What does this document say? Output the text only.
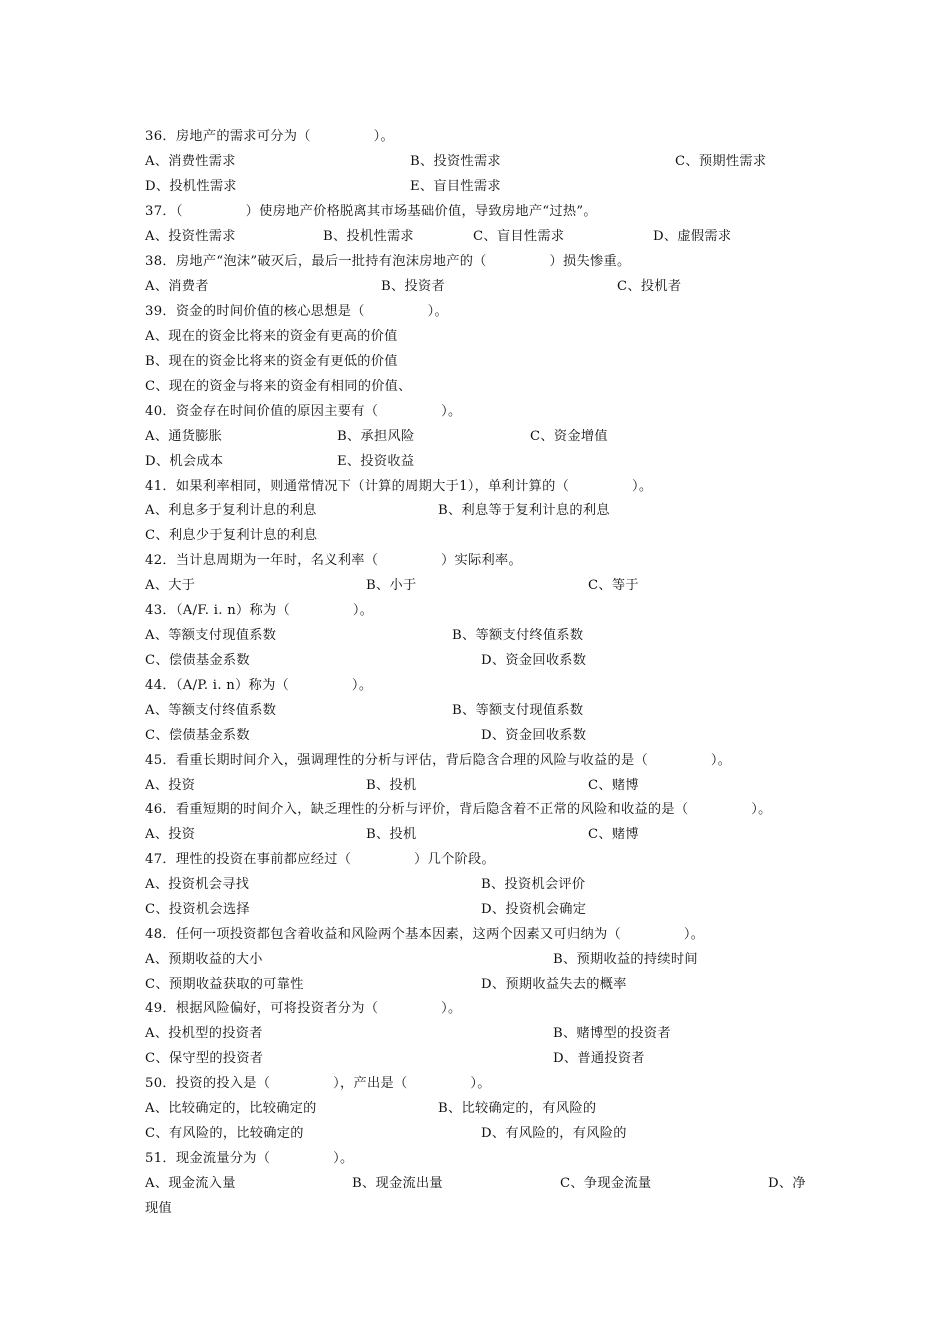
36．房地产的需求可分为（              ）。

A、消费性需求

	B、投资性需求

	C、预期性需求

D、投机性需求

	E、盲目性需求

37．（              ）使房地产价格脱离其市场基础价值，导致房地产“过热”。

A、投资性需求

	B、投机性需求

	C、盲目性需求

	D、虚假需求

38．房地产“泡沫”破灭后，最后一批持有泡沫房地产的（              ）损失惨重。

A、消费者

	B、投资者

	C、投机者

39．资金的时间价值的核心思想是（              ）。
A、现在的资金比将来的资金有更高的价值
B、现在的资金比将来的资金有更低的价值
C、现在的资金与将来的资金有相同的价值、
40．资金存在时间价值的原因主要有（              ）。

A、通货膨胀

	B、承担风险

	C、资金增值

D、机会成本

	E、投资收益

41．如果利率相同，则通常情况下（计算的周期大于1），单利计算的（              ）。

A、利息多于复利计息的利息

	B、利息等于复利计息的利息

C、利息少于复利计息的利息
42．当计息周期为一年时，名义利率（              ）实际利率。

A、大于

	B、小于

	C、等于

43．（A/F. i. n）称为（              ）。

A、等额支付现值系数

	B、等额支付终值系数

C、偿债基金系数

	D、资金回收系数

44．（A/P. i. n）称为（              ）。

A、等额支付终值系数

	B、等额支付现值系数

C、偿债基金系数

	D、资金回收系数

45．看重长期时间介入，强调理性的分析与评估，背后隐含合理的风险与收益的是（              ）。

A、投资

	B、投机

	C、赌博

46．看重短期的时间介入，缺乏理性的分析与评价，背后隐含着不正常的风险和收益的是（              ）。

A、投资

	B、投机

	C、赌博

47．理性的投资在事前都应经过（              ）几个阶段。

A、投资机会寻找

	B、投资机会评价

C、投资机会选择

	D、投资机会确定

48．任何一项投资都包含着收益和风险两个基本因素，这两个因素又可归纳为（              ）。

A、预期收益的大小

	B、预期收益的持续时间

C、预期收益获取的可靠性

	D、预期收益失去的概率

49．根据风险偏好，可将投资者分为（              ）。

A、投机型的投资者

	B、赌博型的投资者

C、保守型的投资者

	D、普通投资者

50．投资的投入是（              ），产出是（              ）。

A、比较确定的，比较确定的

	B、比较确定的，有风险的

C、有风险的，比较确定的

	D、有风险的，有风险的

51．现金流量分为（              ）。

A、现金流入量

	B、现金流出量

	C、争现金流量

	D、净

现值
